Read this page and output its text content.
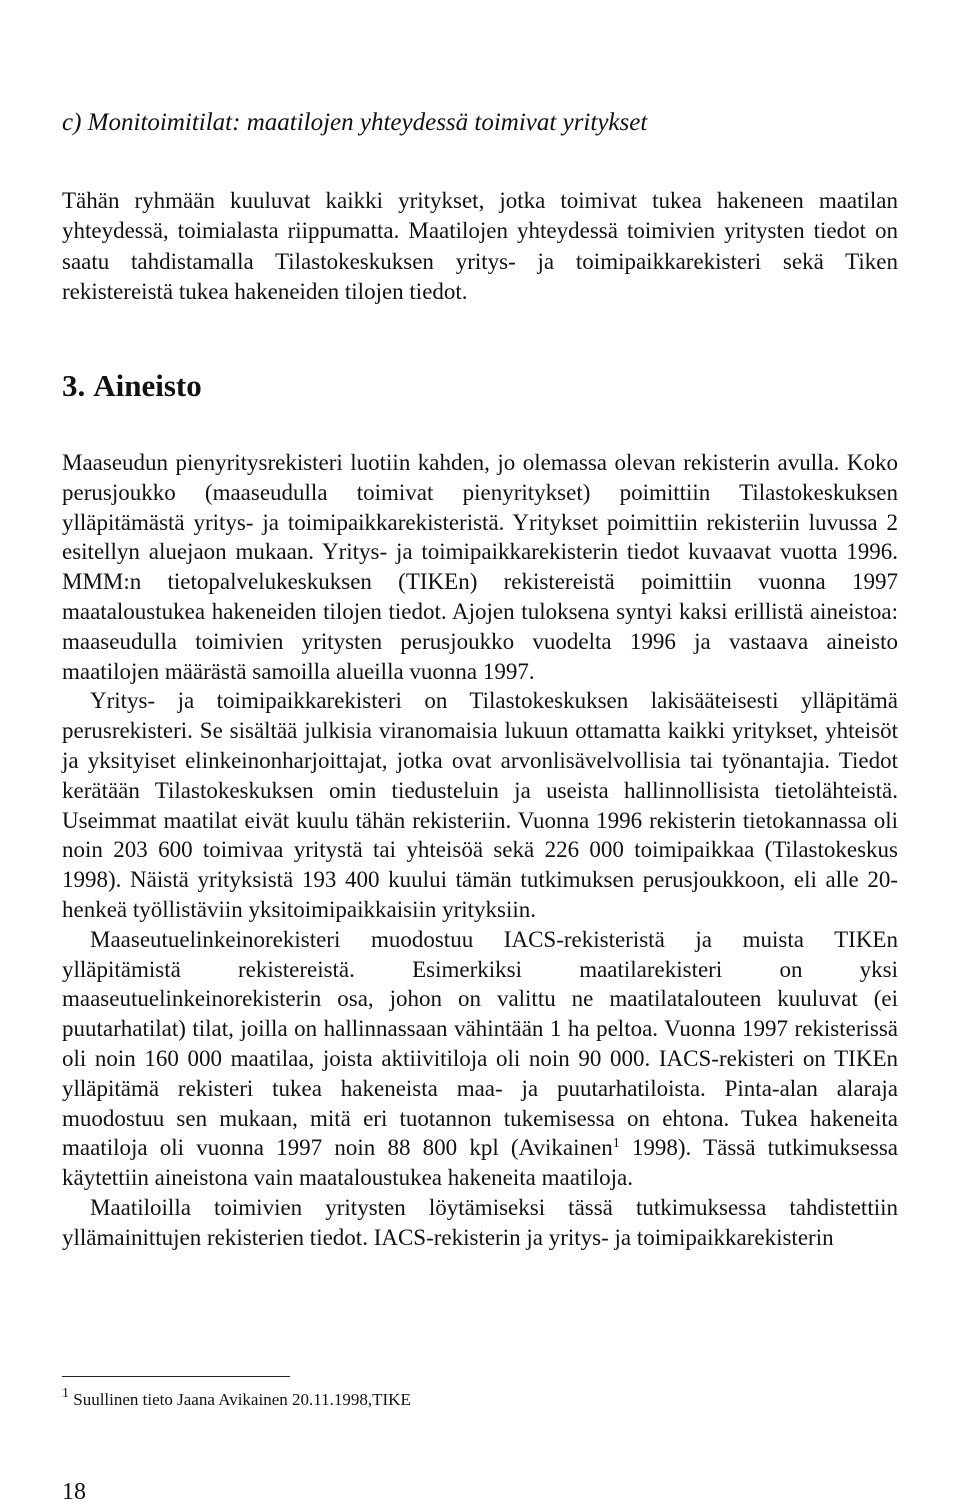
c) Monitoimitilat: maatilojen yhteydessä toimivat yritykset

Tähän ryhmään kuuluvat kaikki yritykset, jotka toimivat tukea hakeneen maatilan yhteydessä, toimialasta riippumatta. Maatilojen yhteydessä toimivien yritysten tiedot on saatu tahdistamalla Tilastokeskuksen yritys- ja toimipaikkarekisteri sekä Tiken rekistereistä tukea hakeneiden tilojen tiedot.

3. Aineisto

Maaseudun pienyritysrekisteri luotiin kahden, jo olemassa olevan rekisterin avulla. Koko perusjoukko (maaseudulla toimivat pienyritykset) poimittiin Tilastokeskuksen ylläpitämästä yritys- ja toimipaikkarekisteristä. Yritykset poimittiin rekisteriin luvussa 2 esitellyn aluejaon mukaan. Yritys- ja toimipaikkarekisterin tiedot kuvaavat vuotta 1996. MMM:n tietopalvelukeskuksen (TIKEn) rekistereistä poimittiin vuonna 1997 maataloustukea hakeneiden tilojen tiedot. Ajojen tuloksena syntyi kaksi erillistä aineistoa: maaseudulla toimivien yritysten perusjoukko vuodelta 1996 ja vastaava aineisto maatilojen määrästä samoilla alueilla vuonna 1997.

Yritys- ja toimipaikkarekisteri on Tilastokeskuksen lakisääteisesti ylläpitämä perusrekisteri. Se sisältää julkisia viranomaisia lukuun ottamatta kaikki yritykset, yhteisöt ja yksityiset elinkeinonharjoittajat, jotka ovat arvonlisävelvollisia tai työnantajia. Tiedot kerätään Tilastokeskuksen omin tiedusteluin ja useista hallinnollisista tietolähteistä. Useimmat maatilat eivät kuulu tähän rekisteriin. Vuonna 1996 rekisterin tietokannassa oli noin 203 600 toimivaa yritystä tai yhteisöä sekä 226 000 toimipaikkaa (Tilastokeskus 1998). Näistä yrityksistä 193 400 kuului tämän tutkimuksen perusjoukkoon, eli alle 20-henkeä työllistäviin yksitoimipaikkaisiin yrityksiin.

Maaseutuelinkeinorekisteri muodostuu IACS-rekisteristä ja muista TIKEn ylläpitämistä rekistereistä. Esimerkiksi maatilarekisteri on yksi maaseutuelinkeinorekisterin osa, johon on valittu ne maatilatalouteen kuuluvat (ei puutarhatilat) tilat, joilla on hallinnassaan vähintään 1 ha peltoa. Vuonna 1997 rekisterissä oli noin 160 000 maatilaa, joista aktiivitiloja oli noin 90 000. IACS-rekisteri on TIKEn ylläpitämä rekisteri tukea hakeneista maa- ja puutarhatiloista. Pinta-alan alaraja muodostuu sen mukaan, mitä eri tuotannon tukemisessa on ehtona. Tukea hakeneita maatiloja oli vuonna 1997 noin 88 800 kpl (Avikainen$^1$ 1998). Tässä tutkimuksessa käytettiin aineistona vain maataloustukea hakeneita maatiloja.

Maatiloilla toimivien yritysten löytämiseksi tässä tutkimuksessa tahdistettiin yllämainittujen rekisterien tiedot. IACS-rekisterin ja yritys- ja toimipaikkarekisterin

$^1$ Suullinen tieto Jaana Avikainen 20.11.1998,TIKE

18
